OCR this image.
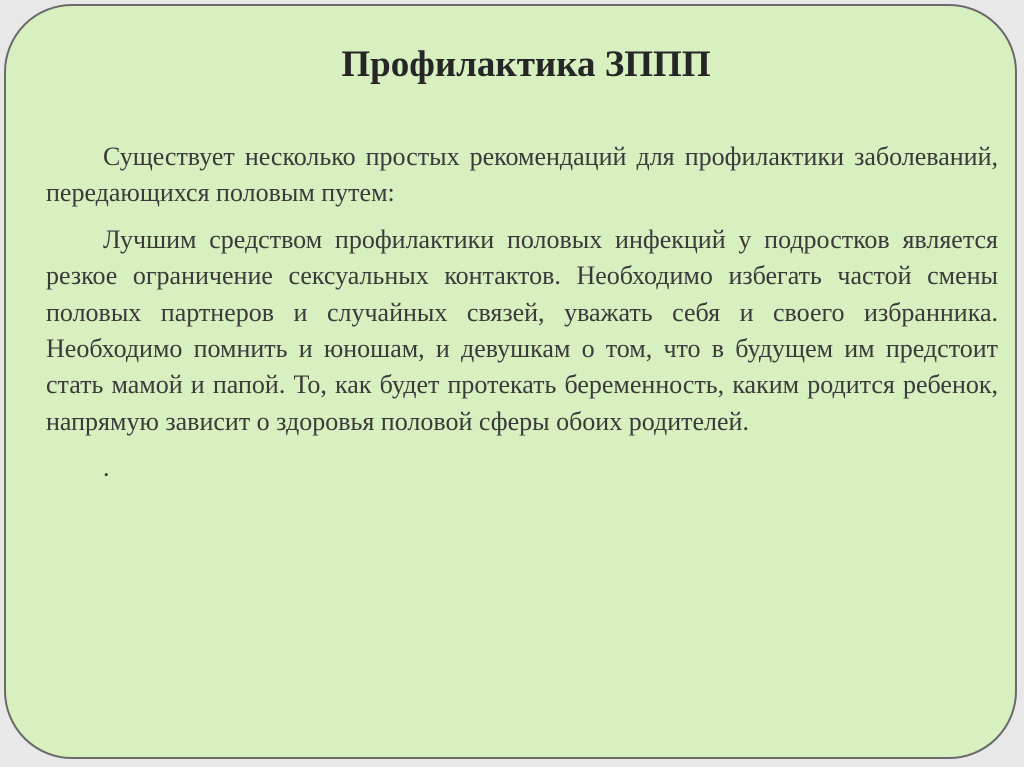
Профилактика ЗППП

Существует несколько простых рекомендаций для профилактики заболеваний, передающихся половым путем:

Лучшим средством профилактики половых инфекций у подростков является резкое ограничение сексуальных контактов. Необходимо избегать частой смены половых партнеров и случайных связей, уважать себя и своего избранника. Необходимо помнить и юношам, и девушкам о том, что в будущем им предстоит стать мамой и папой. То, как будет протекать беременность, каким родится ребенок, напрямую зависит о здоровья половой сферы обоих родителей.

.
